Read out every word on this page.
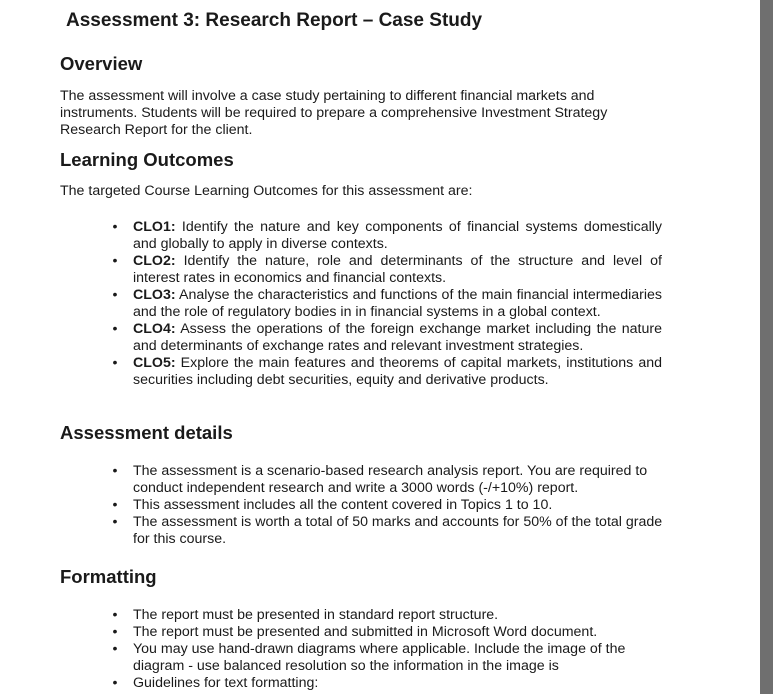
Assessment 3: Research Report – Case Study
Overview

The assessment will involve a case study pertaining to different financial markets and instruments. Students will be required to prepare a comprehensive Investment Strategy Research Report for the client.

Learning Outcomes

The targeted Course Learning Outcomes for this assessment are:

•	CLO1: Identify the nature and key components of financial systems domestically and globally to apply in diverse contexts.
•	CLO2: Identify the nature, role and determinants of the structure and level of interest rates in economics and financial contexts.
•	CLO3: Analyse the characteristics and functions of the main financial intermediaries and the role of regulatory bodies in in financial systems in a global context.
•	CLO4: Assess the operations of the foreign exchange market including the nature and determinants of exchange rates and relevant investment strategies.
•	CLO5: Explore the main features and theorems of capital markets, institutions and securities including debt securities, equity and derivative products.
Assessment details
•	The assessment is a scenario-based research analysis report. You are required to conduct independent research and write a 3000 words (-/+10%) report.
•	This assessment includes all the content covered in Topics 1 to 10.
•	The assessment is worth a total of 50 marks and accounts for 50% of the total grade for this course.
Formatting
•	The report must be presented in standard report structure.
•	The report must be presented and submitted in Microsoft Word document.
•	You may use hand-drawn diagrams where applicable. Include the image of the diagram - use balanced resolution so the information in the image is
•	Guidelines for text formatting:
